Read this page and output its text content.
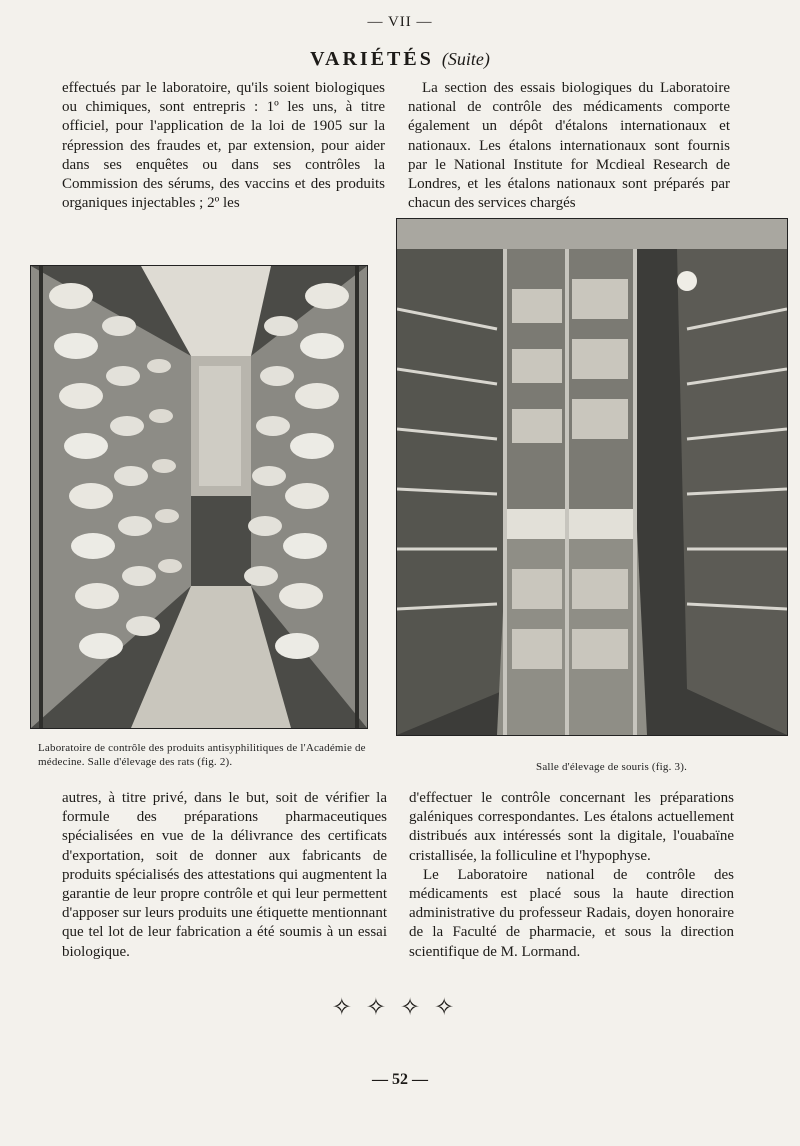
— VII —
VARIÉTÉS (Suite)

effectués par le laboratoire, qu'ils soient biologiques ou chimiques, sont entrepris : 1º les uns, à titre officiel, pour l'application de la loi de 1905 sur la répression des fraudes et, par extension, pour aider dans ses enquêtes ou dans ses contrôles la Commission des sérums, des vaccins et des produits organiques injectables ; 2º les

La section des essais biologiques du Laboratoire national de contrôle des médicaments comporte également un dépôt d'étalons internationaux et nationaux. Les étalons internationaux sont fournis par le National Institute for Mcdieal Research de Londres, et les étalons nationaux sont préparés par chacun des services chargés

Laboratoire de contrôle des produits antisyphilitiques de l'Académie de médecine. Salle d'élevage des rats (fig. 2).	Salle d'élevage de souris (fig. 3).

autres, à titre privé, dans le but, soit de vérifier la formule des préparations pharmaceutiques spécialisées en vue de la délivrance des certificats d'exportation, soit de donner aux fabricants de produits spécialisés des attestations qui augmentent la garantie de leur propre contrôle et qui leur permettent d'apposer sur leurs produits une étiquette mentionnant que tel lot de leur fabrication a été soumis à un essai biologique.

d'effectuer le contrôle concernant les préparations galéniques correspondantes. Les étalons actuellement distribués aux intéressés sont la digitale, l'ouabaïne cristallisée, la folliculine et l'hypophyse.

Le Laboratoire national de contrôle des médicaments est placé sous la haute direction administrative du professeur Radais, doyen honoraire de la Faculté de pharmacie, et sous la direction scientifique de M. Lormand.

✧✧✧✧
— 52 —
